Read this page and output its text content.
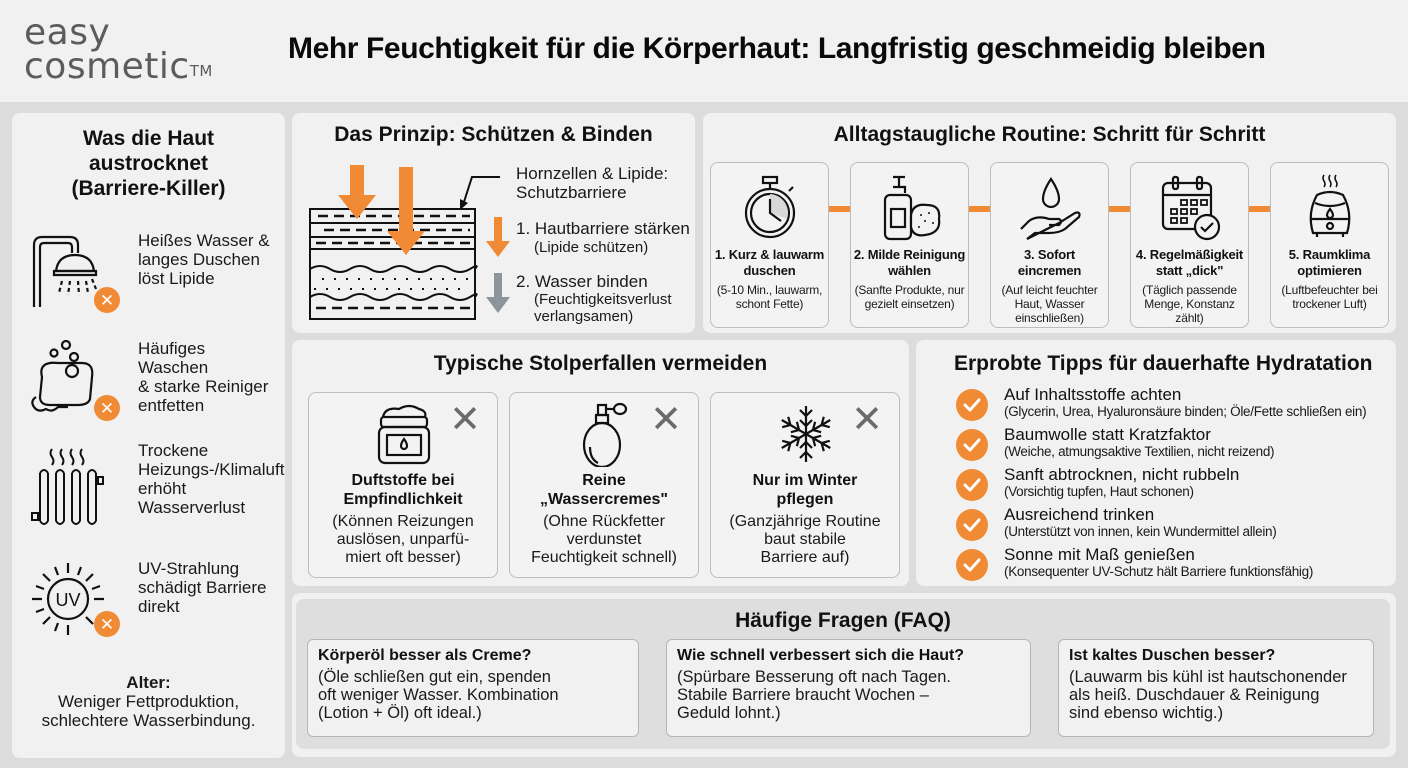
easy
cosmetic™
Mehr Feuchtigkeit für die Körperhaut: Langfristig geschmeidig bleiben
Was die Haut
austrocknet
(Barriere-Killer)
✕
Heißes Wasser &
langes Duschen
löst Lipide
✕
Häufiges Waschen
& starke Reiniger
entfetten
Trockene
Heizungs-/Klimaluft
erhöht
Wasserverlust
UV
✕
UV-Strahlung
schädigt Barriere
direkt
Alter:
Weniger Fettproduktion,
schlechtere Wasserbindung.
Das Prinzip: Schützen & Binden
Hornzellen & Lipide:
Schutzbarriere
1. Hautbarriere stärken
(Lipide schützen)
2. Wasser binden
(Feuchtigkeitsverlust
verlangsamen)
Alltagstaugliche Routine: Schritt für Schritt
1. Kurz & lauwarm
duschen
(5-10 Min., lauwarm,
schont Fette)
2. Milde Reinigung
wählen
(Sanfte Produkte, nur
gezielt einsetzen)
3. Sofort
eincremen
(Auf leicht feuchter
Haut, Wasser
einschließen)
4. Regelmäßigkeit
statt „dick"
(Täglich passende
Menge, Konstanz
zählt)
5. Raumklima
optimieren
(Luftbefeuchter bei
trockener Luft)
Typische Stolperfallen vermeiden
✕
Duftstoffe bei
Empfindlichkeit
(Können Reizungen
auslösen, unparfü-
miert oft besser)
✕
Reine
„Wassercremes"
(Ohne Rückfetter
verdunstet
Feuchtigkeit schnell)
✕
Nur im Winter
pflegen
(Ganzjährige Routine
baut stabile
Barriere auf)
Erprobte Tipps für dauerhafte Hydratation
Auf Inhaltsstoffe achten
(Glycerin, Urea, Hyaluronsäure binden; Öle/Fette schließen ein)
Baumwolle statt Kratzfaktor
(Weiche, atmungsaktive Textilien, nicht reizend)
Sanft abtrocknen, nicht rubbeln
(Vorsichtig tupfen, Haut schonen)
Ausreichend trinken
(Unterstützt von innen, kein Wundermittel allein)
Sonne mit Maß genießen
(Konsequenter UV-Schutz hält Barriere funktionsfähig)
Häufige Fragen (FAQ)
Körperöl besser als Creme?
(Öle schließen gut ein, spenden
oft weniger Wasser. Kombination
(Lotion + Öl) oft ideal.)
Wie schnell verbessert sich die Haut?
(Spürbare Besserung oft nach Tagen.
Stabile Barriere braucht Wochen –
Geduld lohnt.)
Ist kaltes Duschen besser?
(Lauwarm bis kühl ist hautschonender
als heiß. Duschdauer & Reinigung
sind ebenso wichtig.)
